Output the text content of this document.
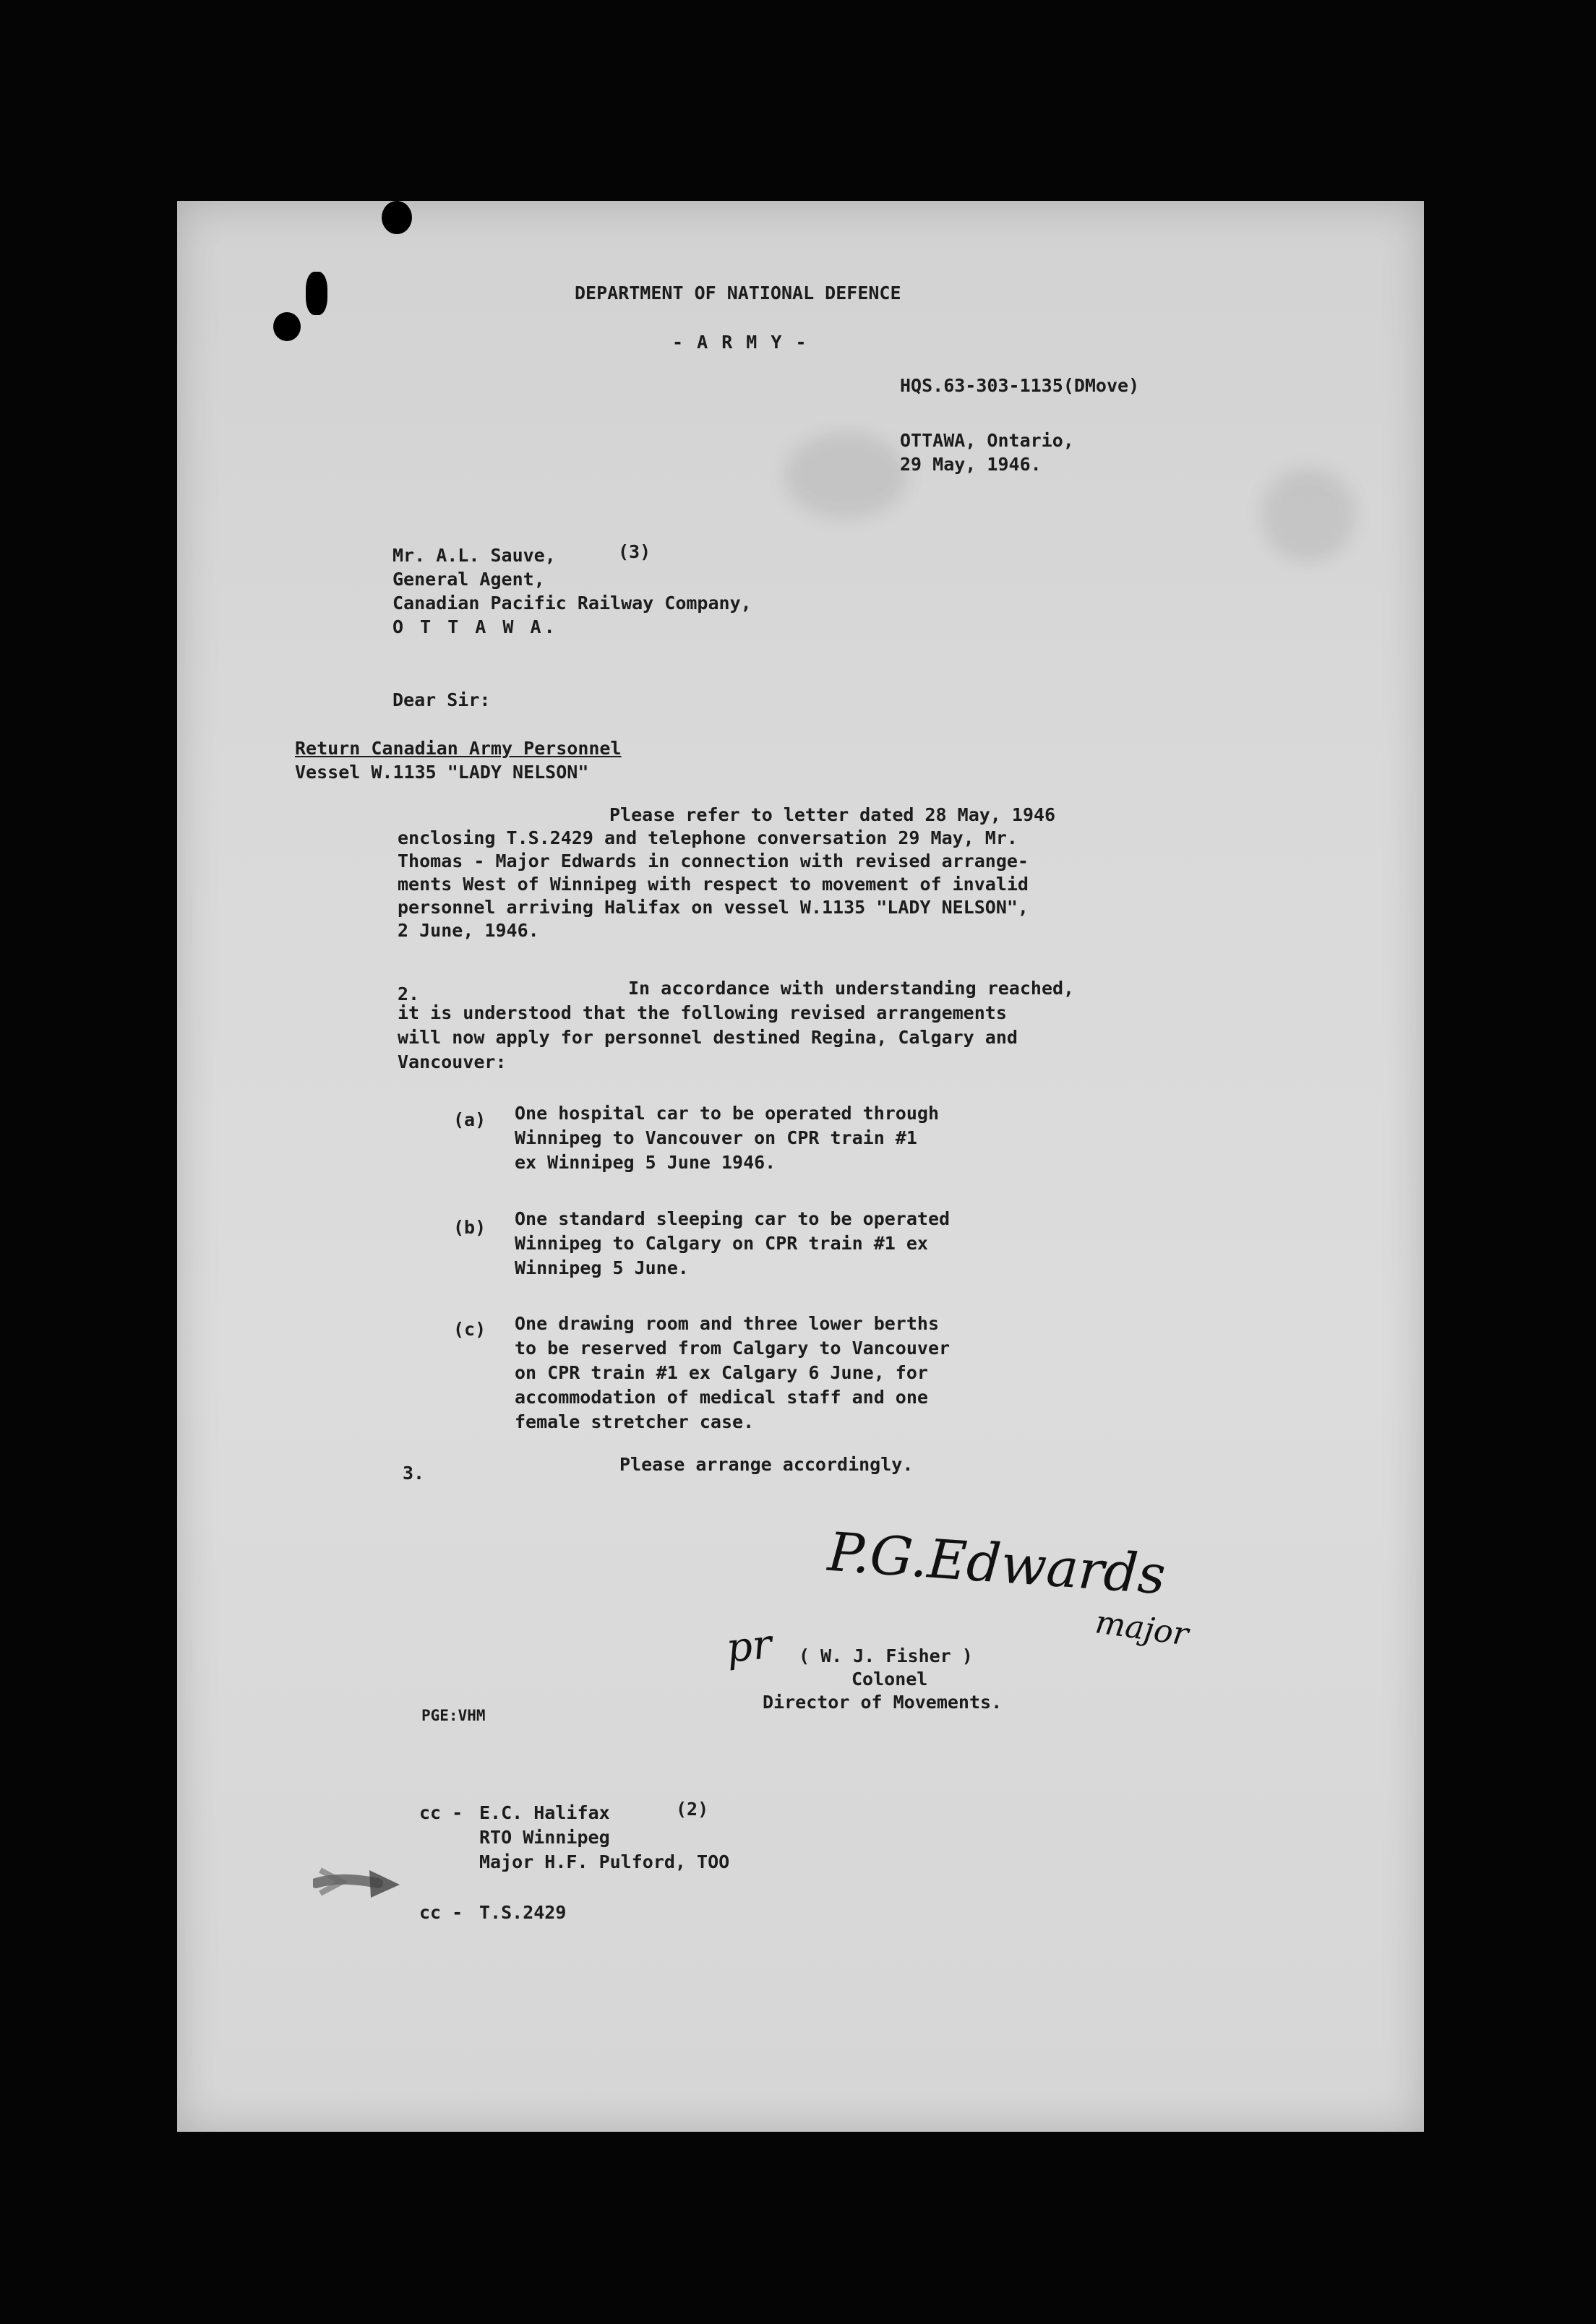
DEPARTMENT OF NATIONAL DEFENCE
- A R M Y -
HQS.63-303-1135(DMove)
OTTAWA, Ontario,
29 May, 1946.
Mr. A.L. Sauve,	(3)
General Agent,
Canadian Pacific Railway Company,
O T T A W A.
Dear Sir:
Return Canadian Army Personnel
Vessel W.1135 "LADY NELSON"
Please refer to letter dated 28 May, 1946
enclosing T.S.2429 and telephone conversation 29 May, Mr.
Thomas - Major Edwards in connection with revised arrange-
ments West of Winnipeg with respect to movement of invalid
personnel arriving Halifax on vessel W.1135 "LADY NELSON",
2 June, 1946.
2.	In accordance with understanding reached,
it is understood that the following revised arrangements
will now apply for personnel destined Regina, Calgary and
Vancouver:
(a) One hospital car to be operated through
Winnipeg to Vancouver on CPR train #1
ex Winnipeg 5 June 1946.
(b) One standard sleeping car to be operated
Winnipeg to Calgary on CPR train #1 ex
Winnipeg 5 June.
(c) One drawing room and three lower berths
to be reserved from Calgary to Vancouver
on CPR train #1 ex Calgary 6 June, for
accommodation of medical staff and one
female stretcher case.
3.	Please arrange accordingly.
P.G.Edwards
pr	major
( W. J. Fisher )
Colonel
Director of Movements.
PGE:VHM
cc - E.C. Halifax	(2)
RTO Winnipeg
Major H.F. Pulford, TOO
cc - T.S.2429
